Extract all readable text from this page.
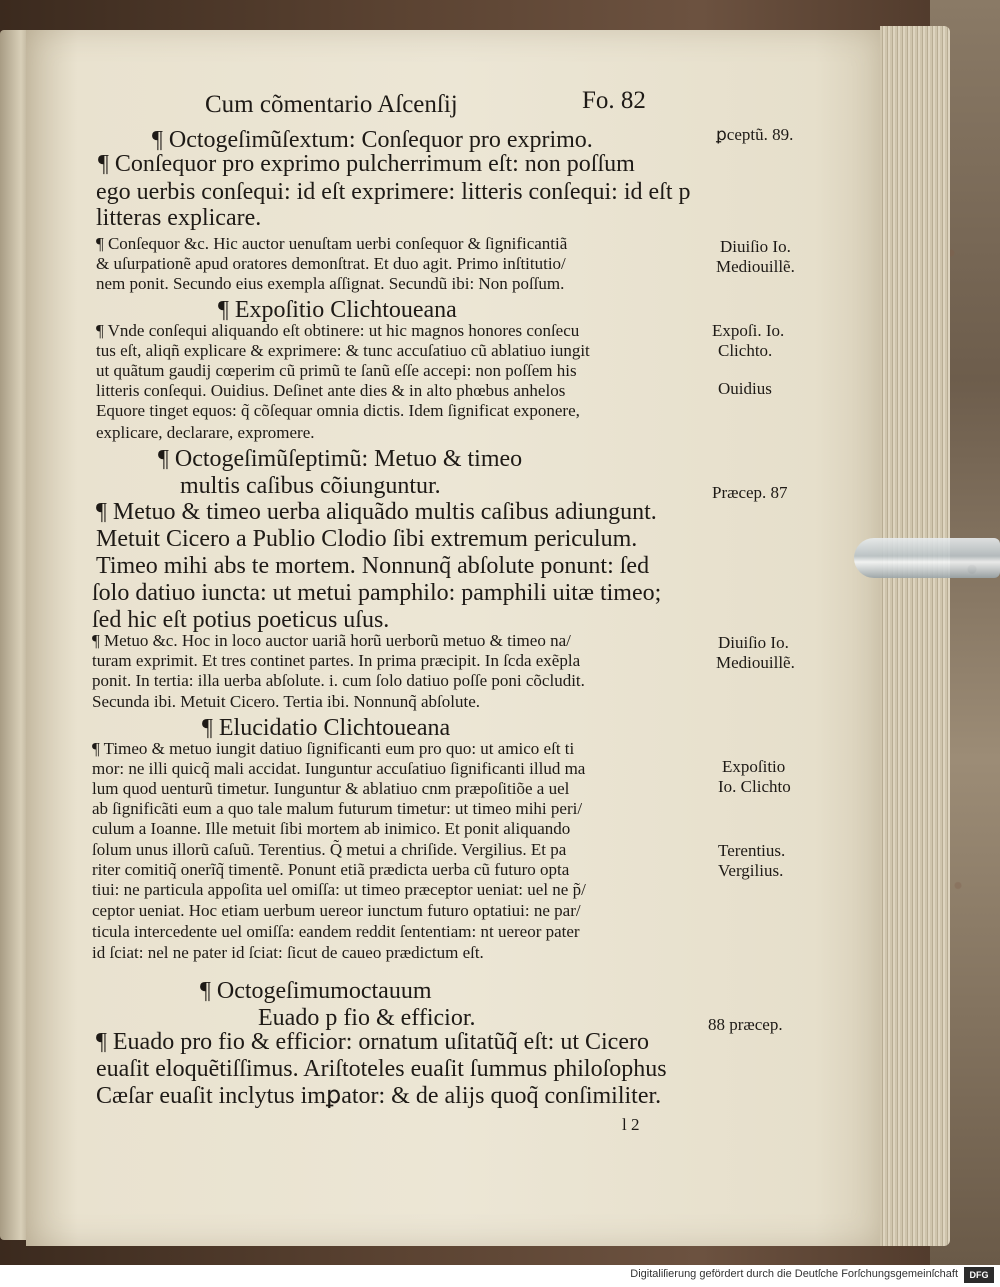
Cum cõmentario Aſcenſij	Fo. 82
¶ Octogeſimũſextum: Conſequor pro exprimo.
¶ Conſequor pro exprimo pulcherrimum eſt: non poſſum
ego uerbis conſequi: id eſt exprimere: litteris conſequi: id eſt p
litteras explicare.
¶ Conſequor &c. Hic auctor uenuſtam uerbi conſequor & ſignificantiã
& uſurpationẽ apud oratores demonſtrat. Et duo agit. Primo inſtitutio/
nem ponit. Secundo eius exempla aſſignat. Secundũ ibi: Non poſſum.
¶ Expoſitio Clichtoueana
¶ Vnde conſequi aliquando eſt obtinere: ut hic magnos honores conſecu
tus eſt, aliqñ explicare & exprimere: & tunc accuſatiuo cũ ablatiuo iungit
ut quãtum gaudij cœperim cũ primũ te ſanũ eſſe accepi: non poſſem his
litteris conſequi. Ouidius. Deſinet ante dies & in alto phœbus anhelos
Equore tinget equos: q̃ cõſequar omnia dictis. Idem ſignificat exponere,
explicare, declarare, expromere.
¶ Octogeſimũſeptimũ: Metuo & timeo
multis caſibus cõiunguntur.
¶ Metuo & timeo uerba aliquãdo multis caſibus adiungunt.
Metuit Cicero a Publio Clodio ſibi extremum periculum.
Timeo mihi abs te mortem. Nonnunq̃ abſolute ponunt: ſed
ſolo datiuo iuncta: ut metui pamphilo: pamphili uitæ timeo;
ſed hic eſt potius poeticus uſus.
¶ Metuo &c. Hoc in loco auctor uariã horũ uerborũ metuo & timeo na/
turam exprimit. Et tres continet partes. In prima præcipit. In ſcda exẽpla
ponit. In tertia: illa uerba abſolute. i. cum ſolo datiuo poſſe poni cõcludit.
Secunda ibi. Metuit Cicero. Tertia ibi. Nonnunq̃ abſolute.
¶ Elucidatio Clichtoueana
¶ Timeo & metuo iungit datiuo ſignificanti eum pro quo: ut amico eſt ti
mor: ne illi quicq̃ mali accidat. Iunguntur accuſatiuo ſignificanti illud ma
lum quod uenturũ timetur. Iunguntur & ablatiuo cnm præpoſitiõe a uel
ab ſignificãti eum a quo tale malum futurum timetur: ut timeo mihi peri/
culum a Ioanne. Ille metuit ſibi mortem ab inimico. Et ponit aliquando
ſolum unus illorũ caſuũ. Terentius. Q̃ metui a chriſide. Vergilius. Et pa
riter comitiq̃ onerĩq̃ timentẽ. Ponunt etiã prædicta uerba cũ futuro opta
tiui: ne particula appoſita uel omiſſa: ut timeo præceptor ueniat: uel ne p̃/
ceptor ueniat. Hoc etiam uerbum uereor iunctum futuro optatiui: ne par/
ticula intercedente uel omiſſa: eandem reddit ſententiam: nt uereor pater
id ſciat: nel ne pater id ſciat: ſicut de caueo prædictum eſt.
¶ Octogeſimumoctauum
Euado p fio & efficior.
¶ Euado pro fio & efficior: ornatum uſitatũq̃ eſt: ut Cicero
euaſit eloquẽtiſſimus. Ariſtoteles euaſit ſummus philoſophus
Cæſar euaſit inclytus imꝑator: & de alijs quoq̃ conſimiliter.
l 2
ꝑceptũ. 89.
Diuiſio Io.
Mediouillẽ.
Expoſi. Io.
Clichto.
Ouidius
Præcep. 87
Diuiſio Io.
Mediouillẽ.
Expoſitio
Io. Clichto
Terentius.
Vergilius.
88 præcep.
Digitaliſierung gefördert durch die Deutſche Forſchungsgemeinſchaft	DFG
